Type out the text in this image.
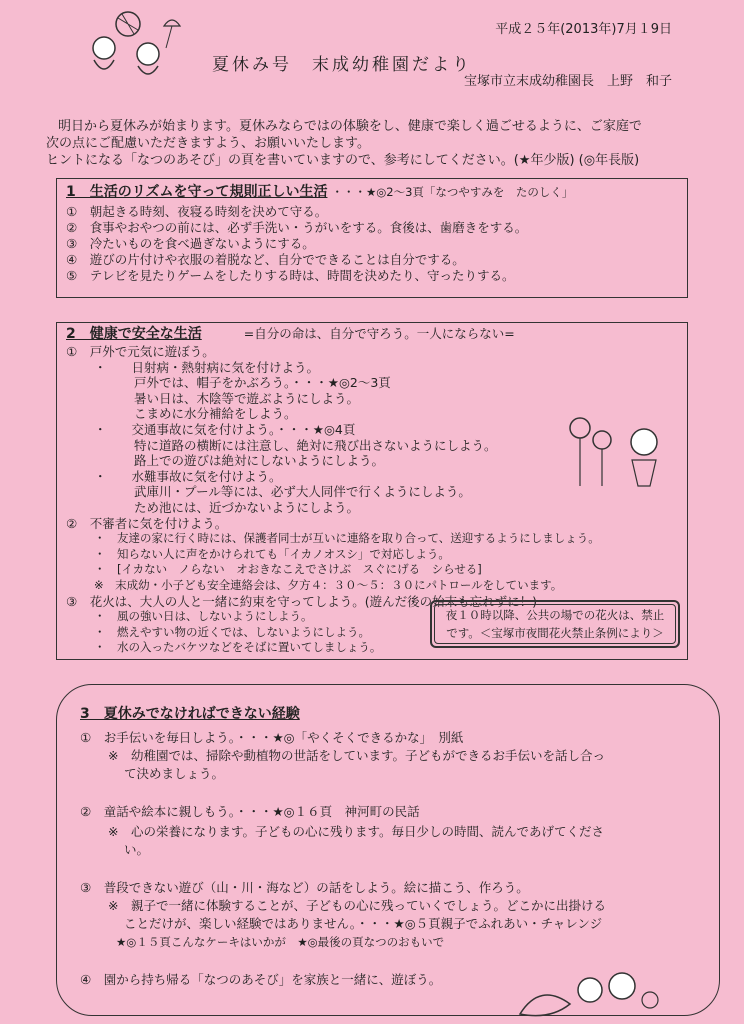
平成２５年(2013年)7月１9日
夏休み号　末成幼稚園だより
宝塚市立末成幼稚園長　上野　和子
明日から夏休みが始まります。夏休みならではの体験をし、健康で楽しく過ごせるように、ご家庭で
次の点にご配慮いただきますよう、お願いいたします。
ヒントになる「なつのあそび」の頁を書いていますので、参考にしてください。(★年少版) (◎年長版)
1　生活のリズムを守って規則正しい生活 ・・・★◎2～3頁「なつやすみを　たのしく」
①　朝起きる時刻、夜寝る時刻を決めて守る。
②　食事やおやつの前には、必ず手洗い・うがいをする。食後は、歯磨きをする。
③　冷たいものを食べ過ぎないようにする。
④　遊びの片付けや衣服の着脱など、自分でできることは自分でする。
⑤　テレビを見たりゲームをしたりする時は、時間を決めたり、守ったりする。
2　健康で安全な生活	=自分の命は、自分で守ろう。一人にならない=
①　戸外で元気に遊ぼう。
・　　日射病・熱射病に気を付けよう。
戸外では、帽子をかぶろう。・・・★◎2～3頁
暑い日は、木陰等で遊ぶようにしよう。
こまめに水分補給をしよう。
・　　交通事故に気を付けよう。・・・★◎4頁
特に道路の横断には注意し、絶対に飛び出さないようにしよう。
路上での遊びは絶対にしないようにしよう。
・　　水難事故に気を付けよう。
武庫川・プール等には、必ず大人同伴で行くようにしよう。
ため池には、近づかないようにしよう。
②　不審者に気を付けよう。
・　友達の家に行く時には、保護者同士が互いに連絡を取り合って、送迎するようにしましょう。
・　知らない人に声をかけられても「イカノオスシ」で対応しよう。
・　[イカない　ノらない　オおきなこえでさけぶ　スぐにげる　シらせる]
※　末成幼・小子ども安全連絡会は、夕方４：３０～５：３０にパトロールをしています。
③　花火は、大人の人と一緒に約束を守ってしよう。(遊んだ後の始末も忘れずに！)
・　風の強い日は、しないようにしよう。
・　燃えやすい物の近くでは、しないようにしよう。
・　水の入ったバケツなどをそばに置いてしましょう。
夜１０時以降、公共の場での花火は、禁止
です。＜宝塚市夜間花火禁止条例により＞
3　夏休みでなければできない経験
①　お手伝いを毎日しよう。・・・★◎「やくそくできるかな」　別紙
※　幼稚園では、掃除や動植物の世話をしています。子どもができるお手伝いを話し合っ
て決めましょう。
②　童話や絵本に親しもう。・・・★◎１６頁　神河町の民話
※　心の栄養になります。子どもの心に残ります。毎日少しの時間、読んであげてくださ
い。
③　普段できない遊び（山・川・海など）の話をしよう。絵に描こう、作ろう。
※　親子で一緒に体験することが、子どもの心に残っていくでしょう。どこかに出掛ける
ことだけが、楽しい経験ではありません。・・・★◎５頁親子でふれあい・チャレンジ
★◎１５頁こんなケーキはいかが　★◎最後の頁なつのおもいで
④　園から持ち帰る「なつのあそび」を家族と一緒に、遊ぼう。
